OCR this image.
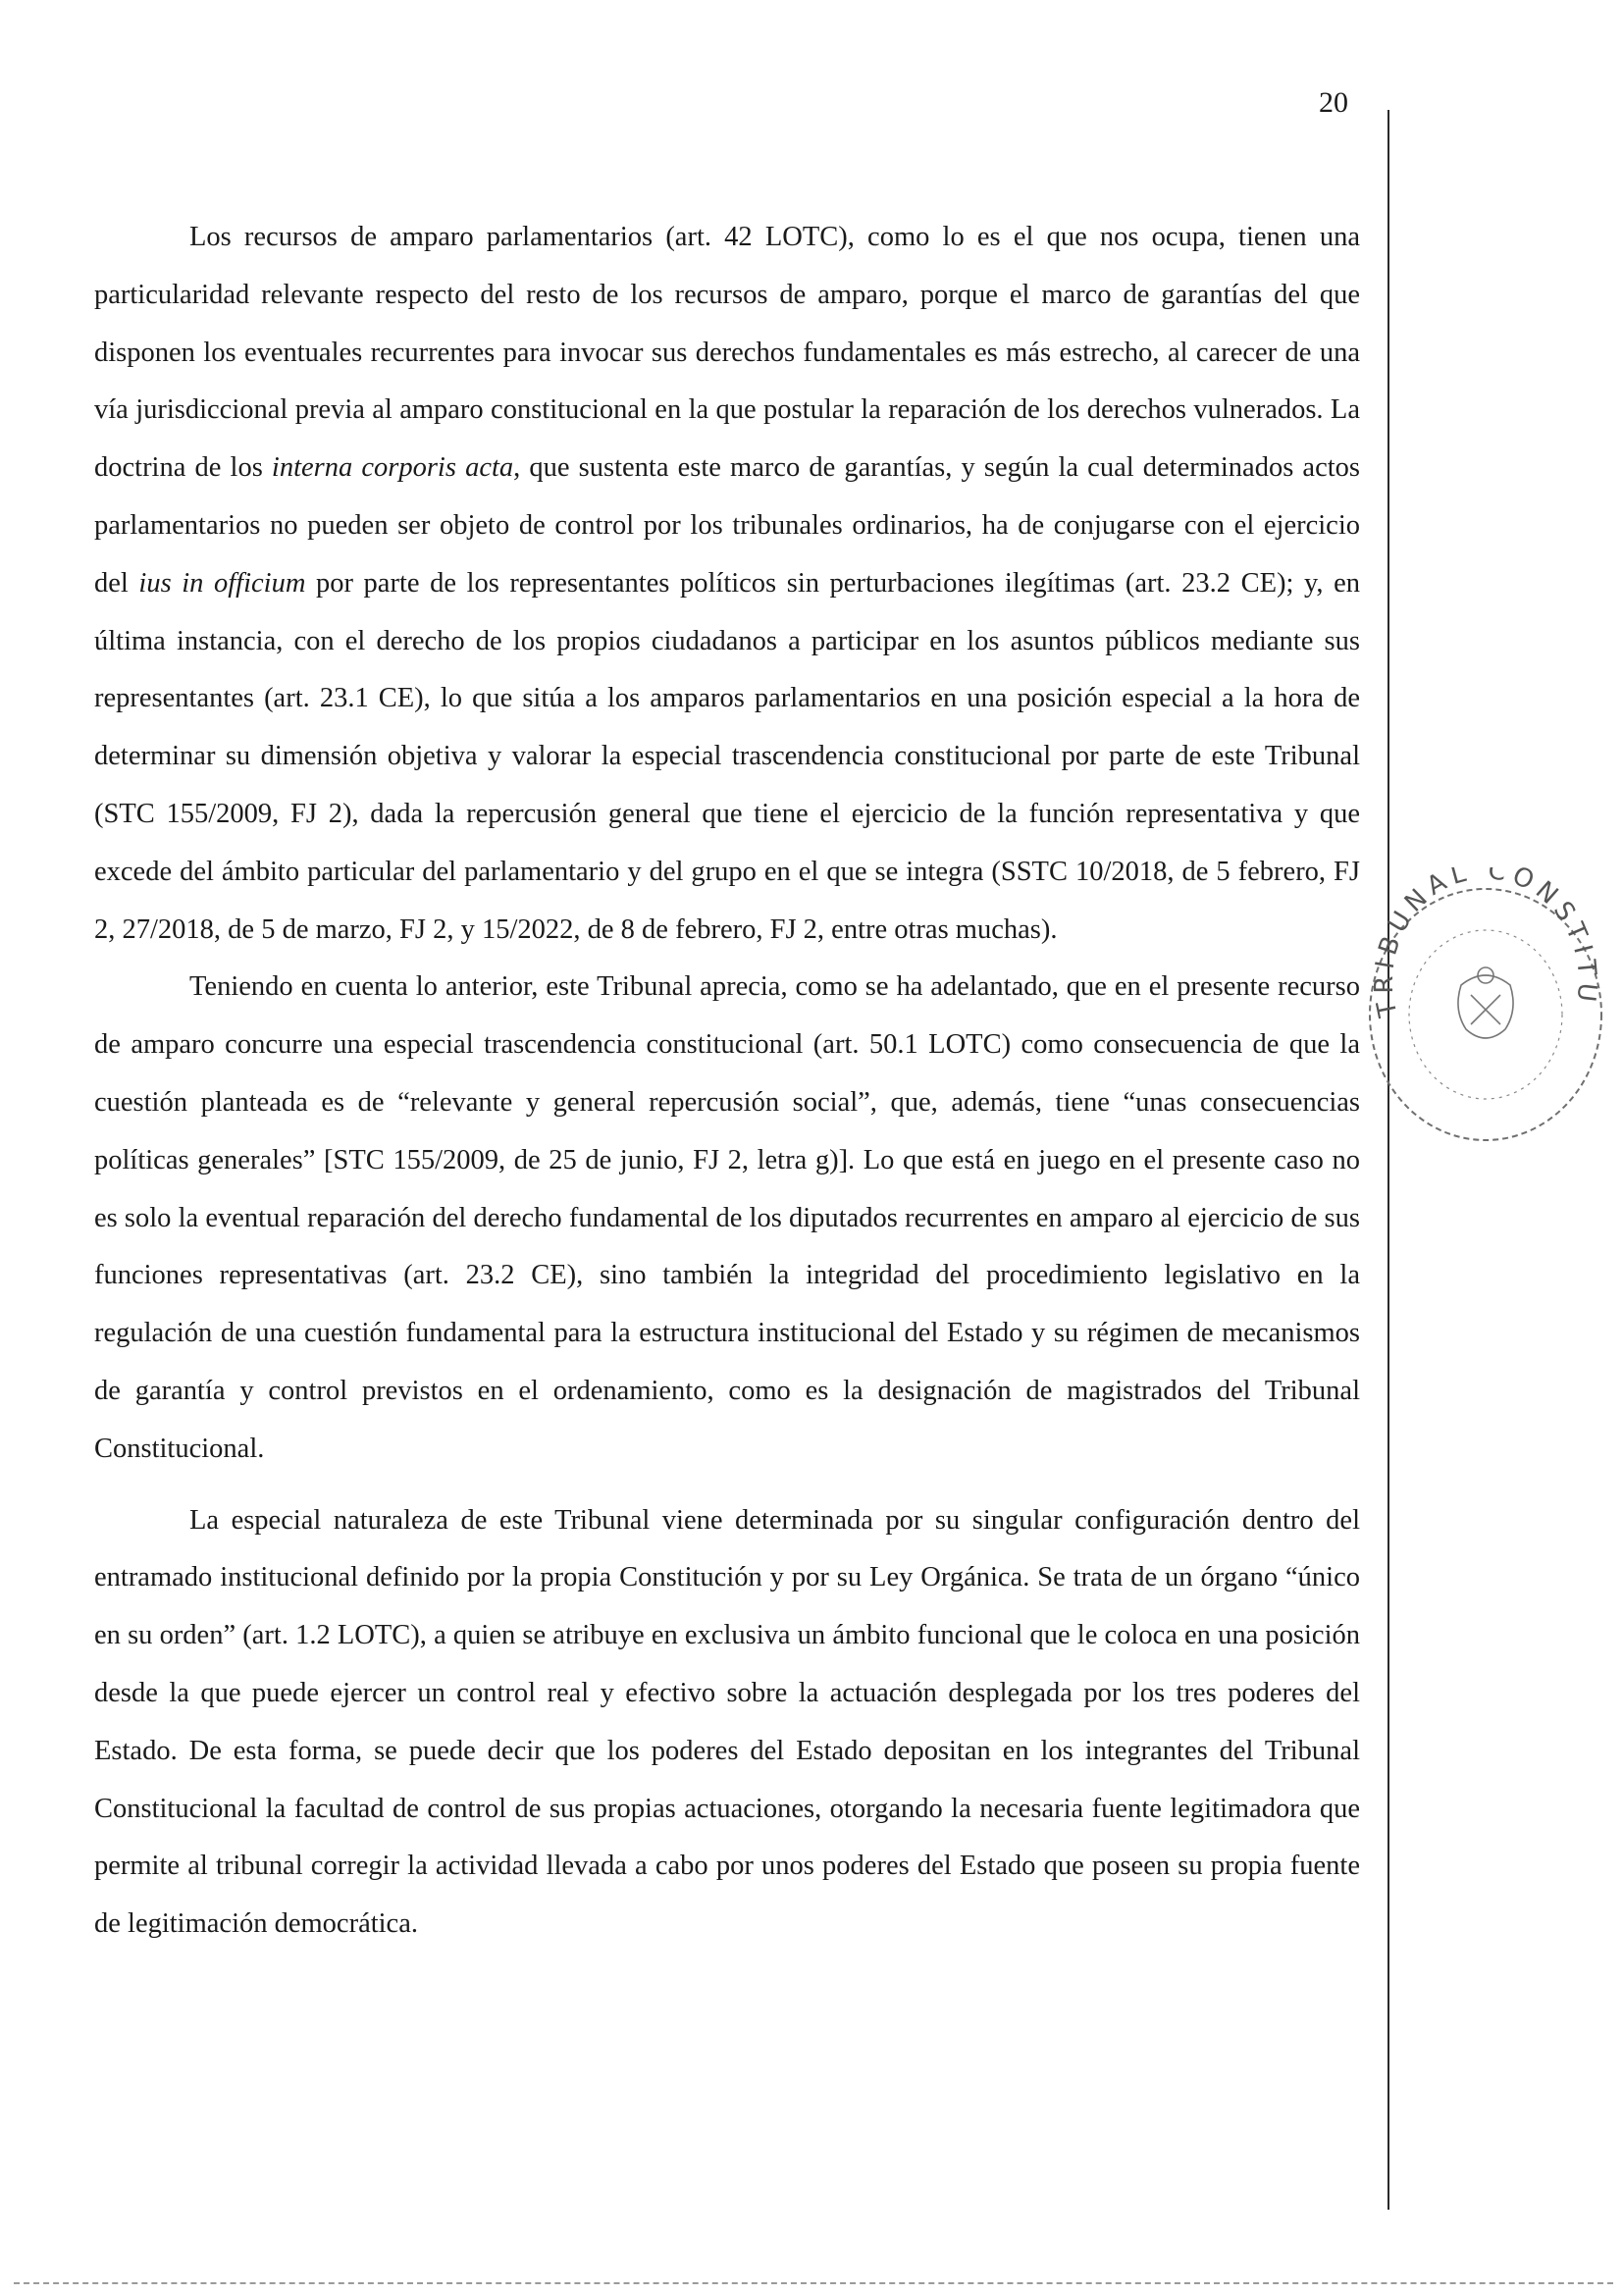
20

Los recursos de amparo parlamentarios (art. 42 LOTC), como lo es el que nos ocupa, tienen una particularidad relevante respecto del resto de los recursos de amparo, porque el marco de garantías del que disponen los eventuales recurrentes para invocar sus derechos fundamentales es más estrecho, al carecer de una vía jurisdiccional previa al amparo constitucional en la que postular la reparación de los derechos vulnerados. La doctrina de los interna corporis acta, que sustenta este marco de garantías, y según la cual determinados actos parlamentarios no pueden ser objeto de control por los tribunales ordinarios, ha de conjugarse con el ejercicio del ius in officium por parte de los representantes políticos sin perturbaciones ilegítimas (art. 23.2 CE); y, en última instancia, con el derecho de los propios ciudadanos a participar en los asuntos públicos mediante sus representantes (art. 23.1 CE), lo que sitúa a los amparos parlamentarios en una posición especial a la hora de determinar su dimensión objetiva y valorar la especial trascendencia constitucional por parte de este Tribunal (STC 155/2009, FJ 2), dada la repercusión general que tiene el ejercicio de la función representativa y que excede del ámbito particular del parlamentario y del grupo en el que se integra (SSTC 10/2018, de 5 febrero, FJ 2, 27/2018, de 5 de marzo, FJ 2, y 15/2022, de 8 de febrero, FJ 2, entre otras muchas).

Teniendo en cuenta lo anterior, este Tribunal aprecia, como se ha adelantado, que en el presente recurso de amparo concurre una especial trascendencia constitucional (art. 50.1 LOTC) como consecuencia de que la cuestión planteada es de “relevante y general repercusión social”, que, además, tiene “unas consecuencias políticas generales” [STC 155/2009, de 25 de junio, FJ 2, letra g)]. Lo que está en juego en el presente caso no es solo la eventual reparación del derecho fundamental de los diputados recurrentes en amparo al ejercicio de sus funciones representativas (art. 23.2 CE), sino también la integridad del procedimiento legislativo en la regulación de una cuestión fundamental para la estructura institucional del Estado y su régimen de mecanismos de garantía y control previstos en el ordenamiento, como es la designación de magistrados del Tribunal Constitucional.

La especial naturaleza de este Tribunal viene determinada por su singular configuración dentro del entramado institucional definido por la propia Constitución y por su Ley Orgánica. Se trata de un órgano “único en su orden” (art. 1.2 LOTC), a quien se atribuye en exclusiva un ámbito funcional que le coloca en una posición desde la que puede ejercer un control real y efectivo sobre la actuación desplegada por los tres poderes del Estado. De esta forma, se puede decir que los poderes del Estado depositan en los integrantes del Tribunal Constitucional la facultad de control de sus propias actuaciones, otorgando la necesaria fuente legitimadora que permite al tribunal corregir la actividad llevada a cabo por unos poderes del Estado que poseen su propia fuente de legitimación democrática.

TRIBUNAL CONSTITU
